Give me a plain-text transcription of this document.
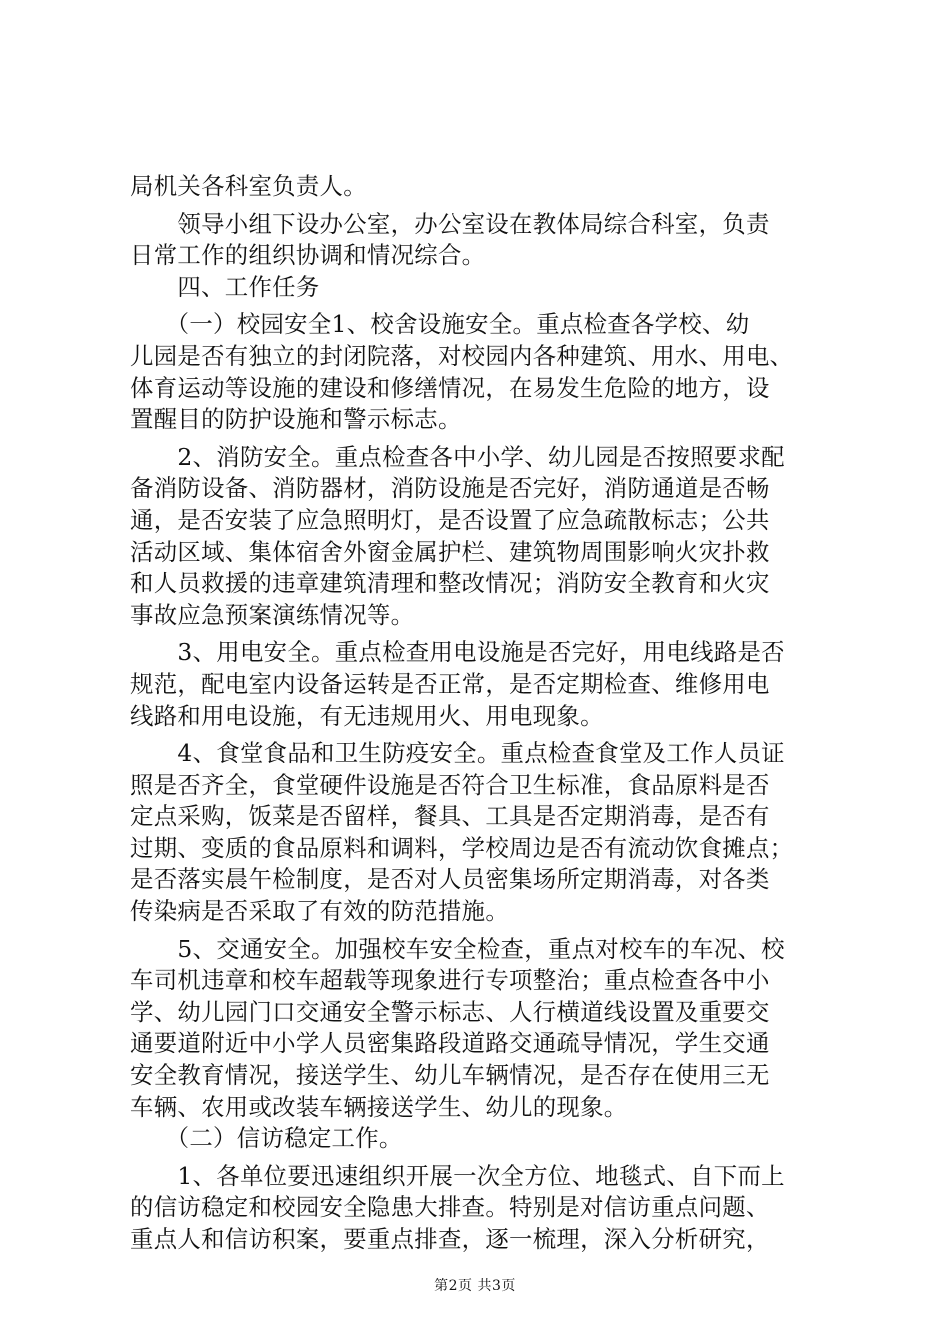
局机关各科室负责人。
　　领导小组下设办公室，办公室设在教体局综合科室，负责
日常工作的组织协调和情况综合。
　　四、工作任务
　　（一）校园安全1、校舍设施安全。重点检查各学校、幼
儿园是否有独立的封闭院落，对校园内各种建筑、用水、用电、
体育运动等设施的建设和修缮情况，在易发生危险的地方，设
置醒目的防护设施和警示标志。
　　2、消防安全。重点检查各中小学、幼儿园是否按照要求配
备消防设备、消防器材，消防设施是否完好，消防通道是否畅
通，是否安装了应急照明灯，是否设置了应急疏散标志；公共
活动区域、集体宿舍外窗金属护栏、建筑物周围影响火灾扑救
和人员救援的违章建筑清理和整改情况；消防安全教育和火灾
事故应急预案演练情况等。
　　3、用电安全。重点检查用电设施是否完好，用电线路是否
规范，配电室内设备运转是否正常，是否定期检查、维修用电
线路和用电设施，有无违规用火、用电现象。
　　4、食堂食品和卫生防疫安全。重点检查食堂及工作人员证
照是否齐全，食堂硬件设施是否符合卫生标准，食品原料是否
定点采购，饭菜是否留样，餐具、工具是否定期消毒，是否有
过期、变质的食品原料和调料，学校周边是否有流动饮食摊点；
是否落实晨午检制度，是否对人员密集场所定期消毒，对各类
传染病是否采取了有效的防范措施。
　　5、交通安全。加强校车安全检查，重点对校车的车况、校
车司机违章和校车超载等现象进行专项整治；重点检查各中小
学、幼儿园门口交通安全警示标志、人行横道线设置及重要交
通要道附近中小学人员密集路段道路交通疏导情况，学生交通
安全教育情况，接送学生、幼儿车辆情况，是否存在使用三无
车辆、农用或改装车辆接送学生、幼儿的现象。
　　（二）信访稳定工作。
　　1、各单位要迅速组织开展一次全方位、地毯式、自下而上
的信访稳定和校园安全隐患大排查。特别是对信访重点问题、
重点人和信访积案，要重点排查，逐一梳理，深入分析研究，
第2页 共3页
